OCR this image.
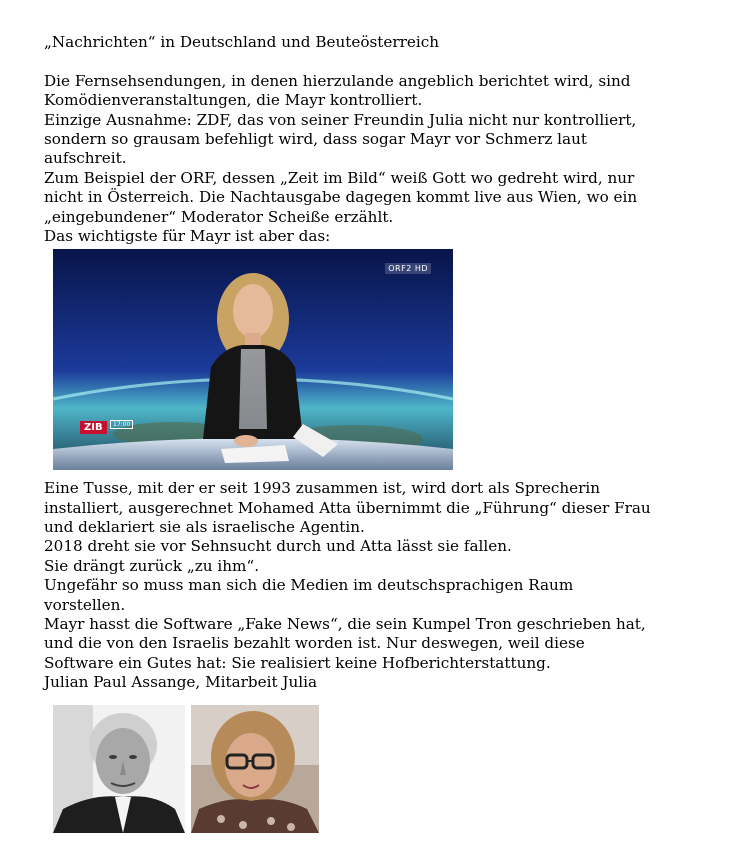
„Nachrichten“ in Deutschland und Beuteösterreich
Die Fernsehsendungen, in denen hierzulande angeblich berichtet wird, sind
Komödienveranstaltungen, die Mayr kontrolliert.
Einzige Ausnahme: ZDF, das von seiner Freundin Julia nicht nur kontrolliert,
sondern so grausam befehligt wird, dass sogar Mayr vor Schmerz laut
aufschreit.
Zum Beispiel der ORF, dessen „Zeit im Bild“ weiß Gott wo gedreht wird, nur
nicht in Österreich. Die Nachtausgabe dagegen kommt live aus Wien, wo ein
„eingebundener“ Moderator Scheiße erzählt.
Das wichtigste für Mayr ist aber das:
ORF2 HD
ZIB	17:00
Eine Tusse, mit der er seit 1993 zusammen ist, wird dort als Sprecherin
installiert, ausgerechnet Mohamed Atta übernimmt die „Führung“ dieser Frau
und deklariert sie als israelische Agentin.
2018 dreht sie vor Sehnsucht durch und Atta lässt sie fallen.
Sie drängt zurück „zu ihm“.
Ungefähr so muss man sich die Medien im deutschsprachigen Raum
vorstellen.
Mayr hasst die Software „Fake News“, die sein Kumpel Tron geschrieben hat,
und die von den Israelis bezahlt worden ist. Nur deswegen, weil diese
Software ein Gutes hat: Sie realisiert keine Hofberichterstattung.
Julian Paul Assange, Mitarbeit Julia
